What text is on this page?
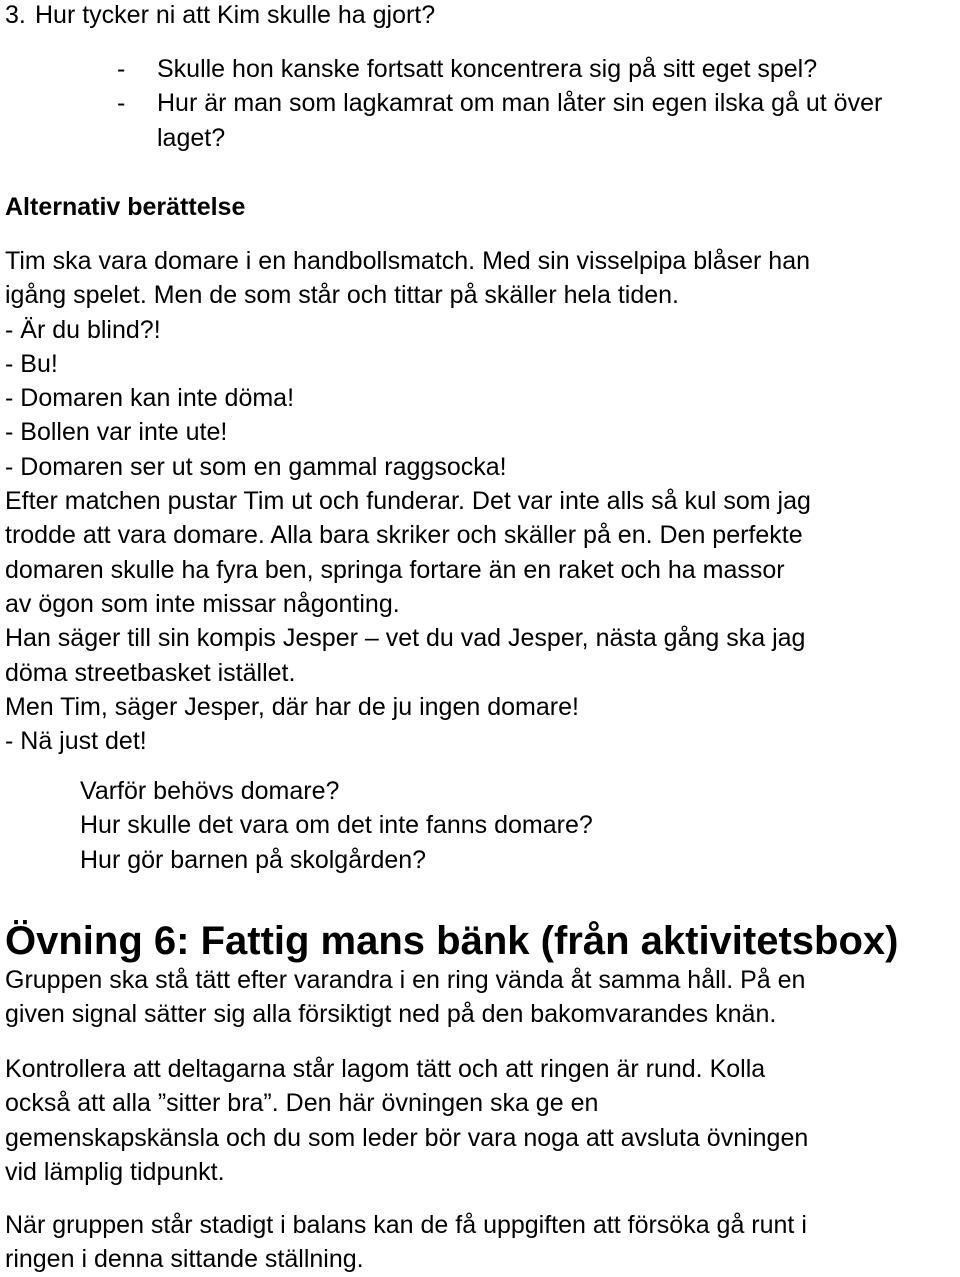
3. Hur tycker ni att Kim skulle ha gjort?
-	Skulle hon kanske fortsatt koncentrera sig på sitt eget spel?
-	Hur är man som lagkamrat om man låter sin egen ilska gå ut över laget?
Alternativ berättelse
Tim ska vara domare i en handbollsmatch. Med sin visselpipa blåser han
igång spelet. Men de som står och tittar på skäller hela tiden.
- Är du blind?!
- Bu!
- Domaren kan inte döma!
- Bollen var inte ute!
- Domaren ser ut som en gammal raggsocka!
Efter matchen pustar Tim ut och funderar. Det var inte alls så kul som jag
trodde att vara domare. Alla bara skriker och skäller på en. Den perfekte
domaren skulle ha fyra ben, springa fortare än en raket och ha massor
av ögon som inte missar någonting.
Han säger till sin kompis Jesper – vet du vad Jesper, nästa gång ska jag
döma streetbasket istället.
Men Tim, säger Jesper, där har de ju ingen domare!
- Nä just det!
Varför behövs domare?
Hur skulle det vara om det inte fanns domare?
Hur gör barnen på skolgården?
Övning 6: Fattig mans bänk (från aktivitetsbox)
Gruppen ska stå tätt efter varandra i en ring vända åt samma håll. På en
given signal sätter sig alla försiktigt ned på den bakomvarandes knän.
Kontrollera att deltagarna står lagom tätt och att ringen är rund. Kolla
också att alla ”sitter bra”. Den här övningen ska ge en
gemenskapskänsla och du som leder bör vara noga att avsluta övningen
vid lämplig tidpunkt.
När gruppen står stadigt i balans kan de få uppgiften att försöka gå runt i
ringen i denna sittande ställning.
